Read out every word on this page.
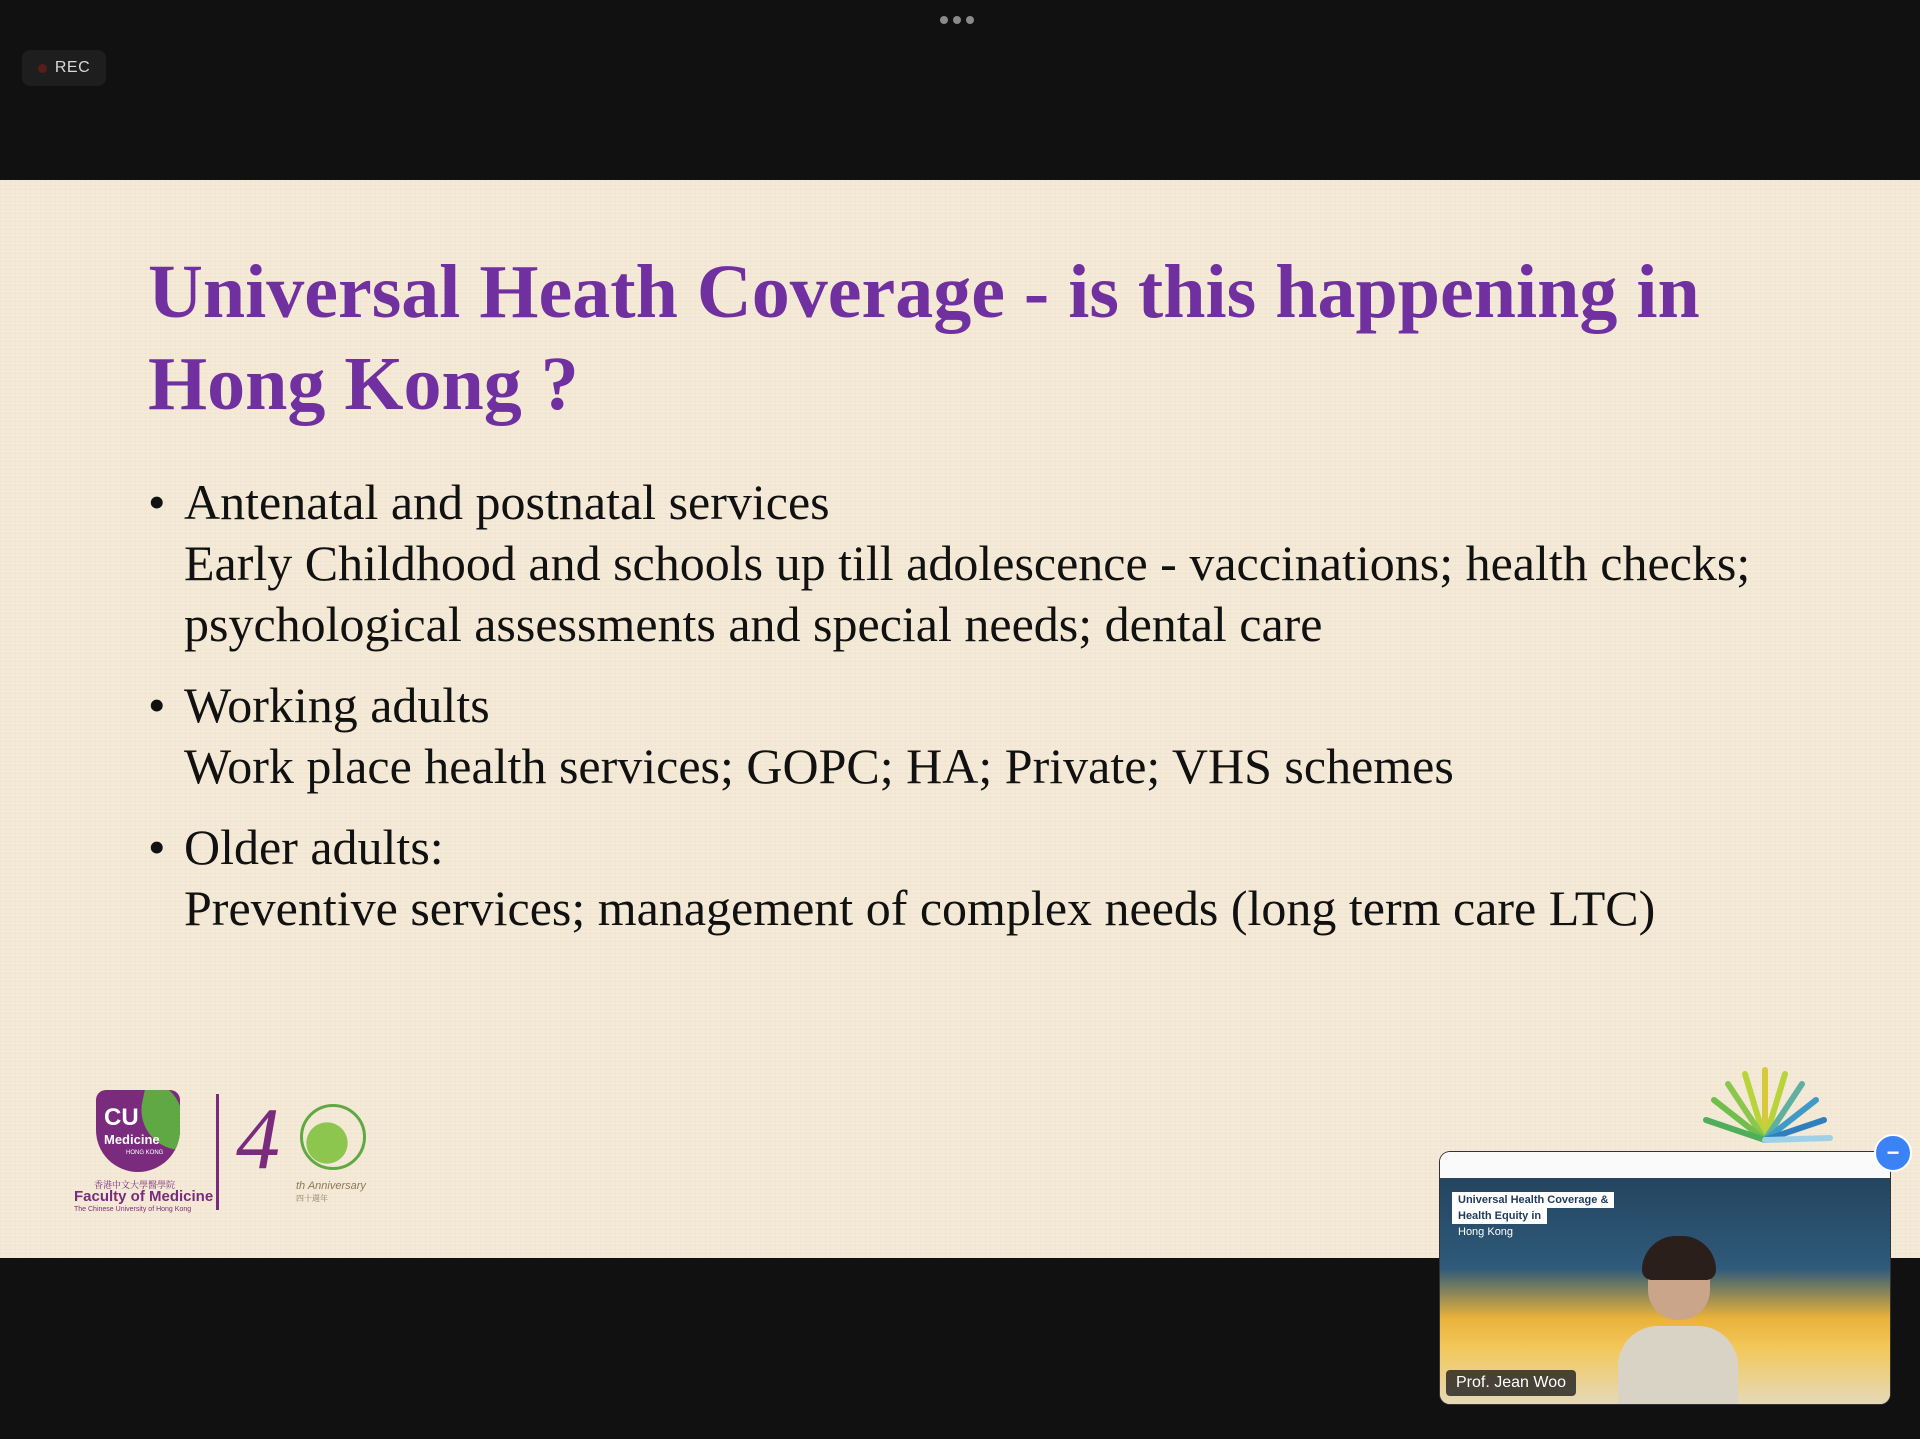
REC
Universal Heath Coverage - is this happening in Hong Kong ?
• Antenatal and postnatal services
Early Childhood and schools up till adolescence - vaccinations; health checks; psychological assessments and special needs; dental care
• Working adults
Work place health services; GOPC; HA; Private; VHS schemes
• Older adults:
Preventive services; management of complex needs (long term care LTC)
CU
Medicine
HONG KONG
香港中文大學醫學院
Faculty of Medicine
The Chinese University of Hong Kong
4 th Anniversary
四十週年	Universal Health Coverage &
Health Equity in
Hong Kong
Prof. Jean Woo
−
